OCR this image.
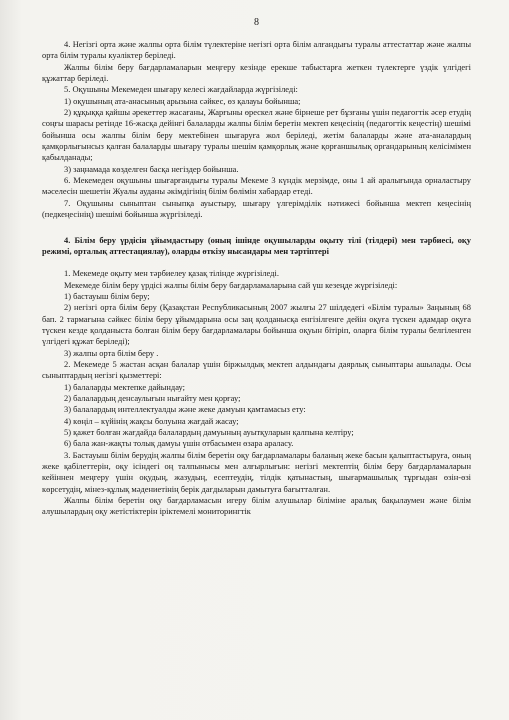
8

4. Негізгі орта және жалпы орта білім түлектеріне негізгі орта білім алғандығы туралы аттестаттар және жалпы орта білім туралы куәліктер беріледі.

Жалпы білім беру бағдарламаларын меңгеру кезінде ерекше табыстарға жеткен түлектерге үздік үлгідегі құжаттар беріледі.

5. Оқушыны Мекемеден шығару келесі жағдайларда жүргізіледі:

1) оқушының ата-анасының арызына сәйкес, өз қалауы бойынша;

2) құқыққа қайшы әрекеттер жасағаны, Жарғыны өрескел және бірнеше рет бұзғаны үшін педагогтік әсер етудің соңғы шарасы ретінде 16-жасқа дейінгі балаларды жалпы білім беретін мектеп кеңесінің (педагогтік кеңестің) шешімі бойынша осы жалпы білім беру мектебінен шығаруға жол беріледі, жетім балаларды және ата-аналардың қамқорлығынсыз қалған балаларды шығару туралы шешім қамқорлық және қорғаншылық органдарының келісімімен қабылданады;

3) заңнамада көзделген басқа негіздер бойынша.

6. Мекемеден оқушыны шығарғандығы туралы Мекеме 3 күндік мерзімде, оны 1 ай аралығында орналастыру мәселесін шешетін Жуалы ауданы әкімдігінің білім бөлімін хабардар етеді.

7. Оқушыны сыныптан сыныпқа ауыстыру, шығару үлгерімділік нәтижесі бойынша мектеп кеңесінің (педкеңесінің) шешімі бойынша жүргізіледі.

4. Білім беру үрдісін ұйымдастыру (оның ішінде оқушыларды оқыту тілі (тілдері) мен тәрбиесі, оқу режимі, орталық аттестациялау), оларды өткізу нысандары мен тәртіптері

1. Мекемеде оқыту мен тәрбиелеу қазақ тілінде жүргізіледі.

Мекемеде білім беру үрдісі жалпы білім беру бағдарламаларына сай үш кезеңде жүргізіледі:

1) бастауыш білім беру;

2) негізгі орта білім беру (Қазақстан Республикасының 2007 жылғы 27 шілдедегі «Білім туралы» Заңының 68 бап. 2 тармағына сәйкес білім беру ұйымдарына осы заң қолданысқа енгізілгенге дейін оқуға түскен адамдар оқуға түскен кезде қолданыста болған білім беру бағдарламалары бойынша оқуын бітіріп, оларға білім туралы белгіленген үлгідегі құжат беріледі);

3) жалпы орта білім беру .

2. Мекемеде 5 жастан асқан балалар үшін біржылдық мектеп алдындағы даярлық сыныптары ашылады. Осы сыныптардың негізгі қызметтері:

1) балаларды мектепке дайындау;

2) балалардың денсаулығын нығайту мен қорғау;

3) балалардың интеллектуалды және жеке дамуын қамтамасыз ету:

4) көңіл – күйінің жақсы болуына жағдай жасау;

5) қажет болған жағдайда балалардың дамуының ауытқуларын қалпына келтіру;

6) бала жан-жақты толық дамуы үшін отбасымен өзара араласу.

3. Бастауыш білім берудің жалпы білім беретін оқу бағдарламалары баланың жеке басын қалыптастыруға, оның жеке қабілеттерін, оқу ісіндегі оң талпынысы мен алғырлығын: негізгі мектептің білім беру бағдарламаларын кейіннен меңгеру үшін оқудың, жазудың, есептеудің, тілдік қатынастың, шығармашылық тұрғыдан өзін-өзі көрсетудің, мінез-құлық мәдениетінің берік дағдыларын дамытуға бағытталған.

Жалпы білім беретін оқу бағдарламасын игеру білім алушылар біліміне аралық бақылаумен және білім алушылардың оқу жетістіктерін іріктемелі мониторингтік
